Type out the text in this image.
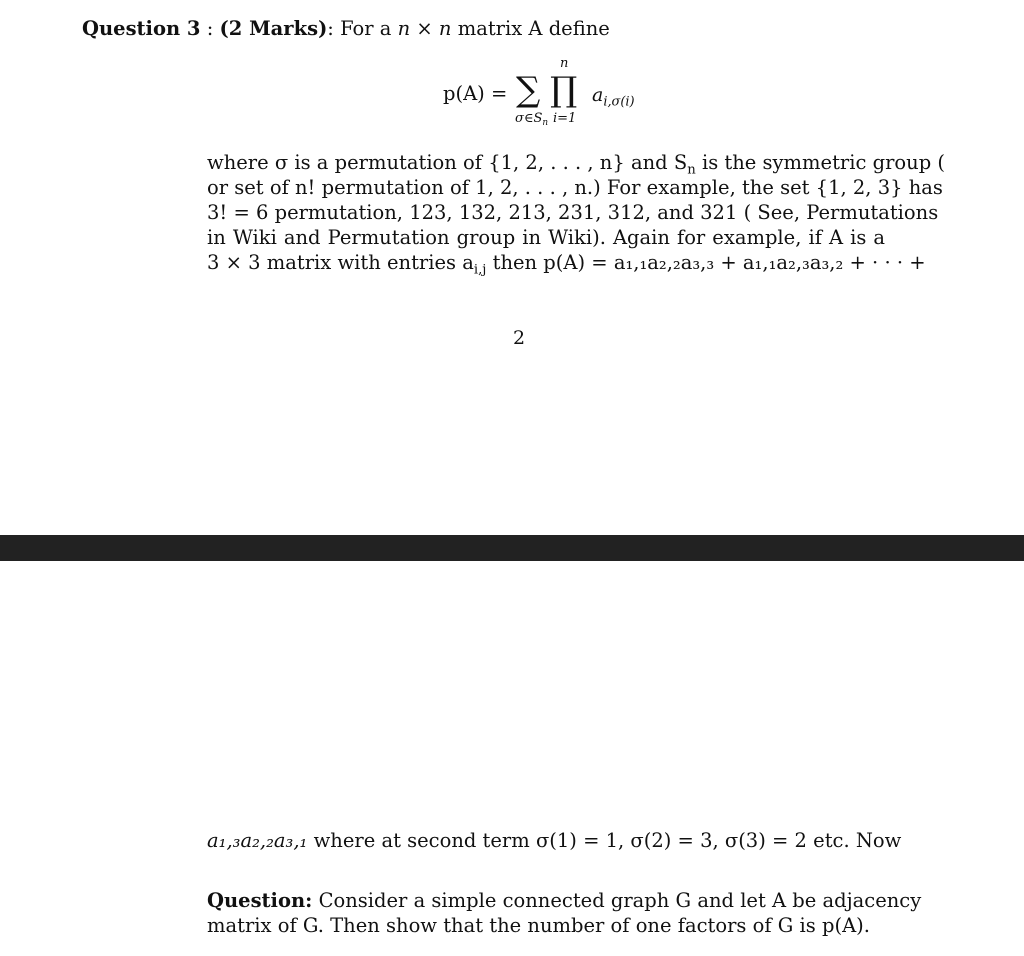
Question 3 : (2 Marks): For a n × n matrix A define
p(A) = ∑ ∏
n
$\sigma\in S_n$ i=1
$a_{i,\sigma(i)}$
where σ is a permutation of {1, 2, . . . , n} and $S_n$ is the symmetric group (
or set of n! permutation of 1, 2, . . . , n.) For example, the set {1, 2, 3} has
3! = 6 permutation, 123, 132, 213, 231, 312, and 321 ( See, Permutations
in Wiki and Permutation group in Wiki). Again for example, if A is a
3 × 3 matrix with entries $a_{i,j}$ then p(A) = a₁,₁a₂,₂a₃,₃ + a₁,₁a₂,₃a₃,₂ + · · · +
2
a₁,₃a₂,₂a₃,₁ where at second term σ(1) = 1, σ(2) = 3, σ(3) = 2 etc. Now
Question: Consider a simple connected graph G and let A be adjacency
matrix of G. Then show that the number of one factors of G is p(A).
